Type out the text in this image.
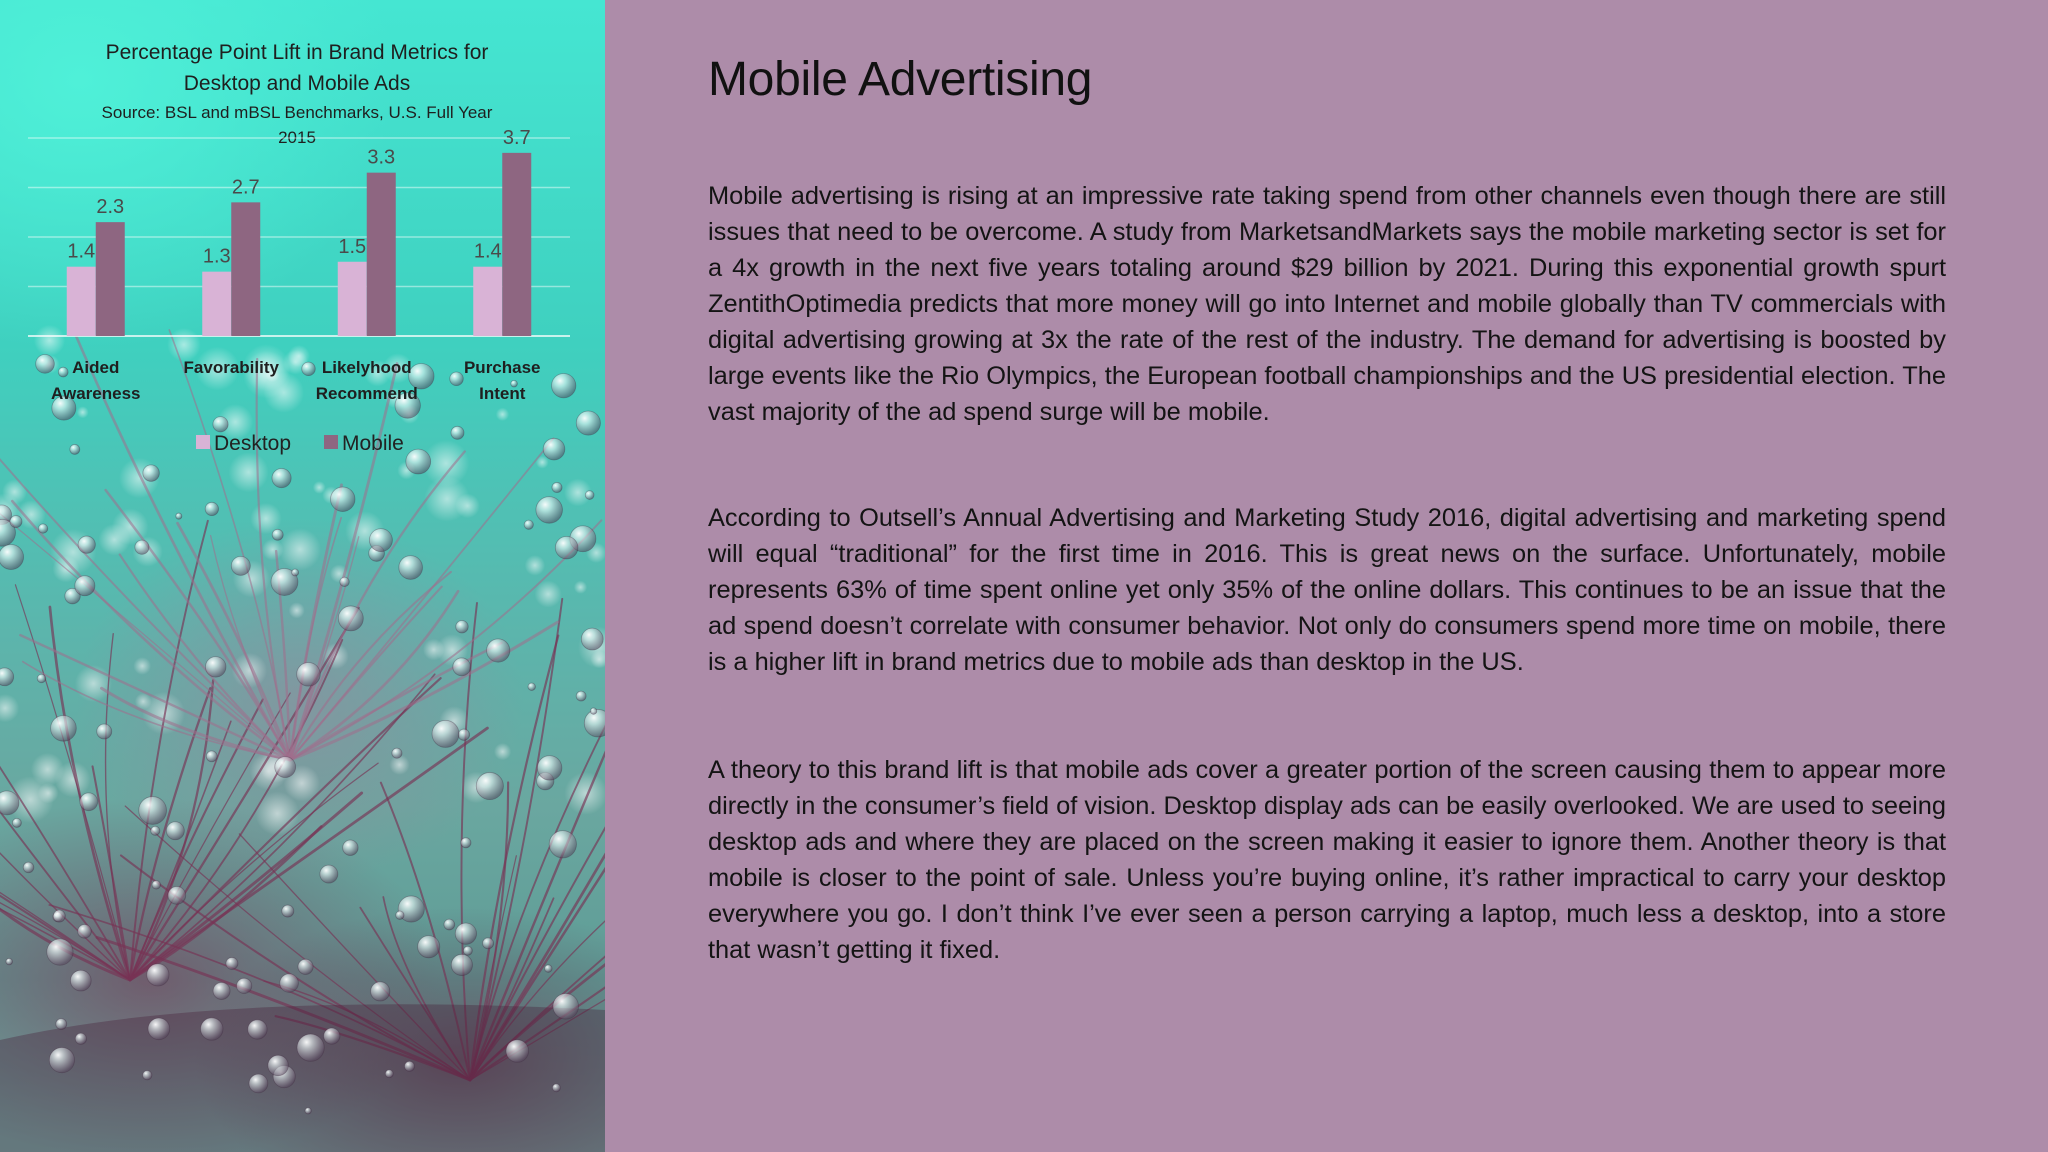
Percentage Point Lift in Brand Metrics for
Desktop and Mobile Ads
Source: BSL and mBSL Benchmarks, U.S. Full Year
2015
1.4
2.3
1.3
2.7
1.5
3.3
1.4
3.7
Aided
Awareness
Favorability	Likelyhood
Recommend
Purchase
Intent
Desktop Mobile
Mobile Advertising

Mobile advertising is rising at an impressive rate taking spend from other channels even though there are still issues that need to be overcome. A study from MarketsandMarkets says the mobile marketing sector is set for a 4x growth in the next five years totaling around $29 billion by 2021. During this exponential growth spurt ZentithOptimedia predicts that more money will go into Internet and mobile globally than TV commercials with digital advertising growing at 3x the rate of the rest of the industry. The demand for advertising is boosted by large events like the Rio Olympics, the European football championships and the US presidential election. The vast majority of the ad spend surge will be mobile.

According to Outsell’s Annual Advertising and Marketing Study 2016, digital advertising and marketing spend will equal “traditional” for the first time in 2016. This is great news on the surface. Unfortunately, mobile represents 63% of time spent online yet only 35% of the online dollars. This continues to be an issue that the ad spend doesn’t correlate with consumer behavior. Not only do consumers spend more time on mobile, there is a higher lift in brand metrics due to mobile ads than desktop in the US.

A theory to this brand lift is that mobile ads cover a greater portion of the screen causing them to appear more directly in the consumer’s field of vision. Desktop display ads can be easily overlooked. We are used to seeing desktop ads and where they are placed on the screen making it easier to ignore them. Another theory is that mobile is closer to the point of sale. Unless you’re buying online, it’s rather impractical to carry your desktop everywhere you go. I don’t think I’ve ever seen a person carrying a laptop, much less a desktop, into a store that wasn’t getting it fixed.
